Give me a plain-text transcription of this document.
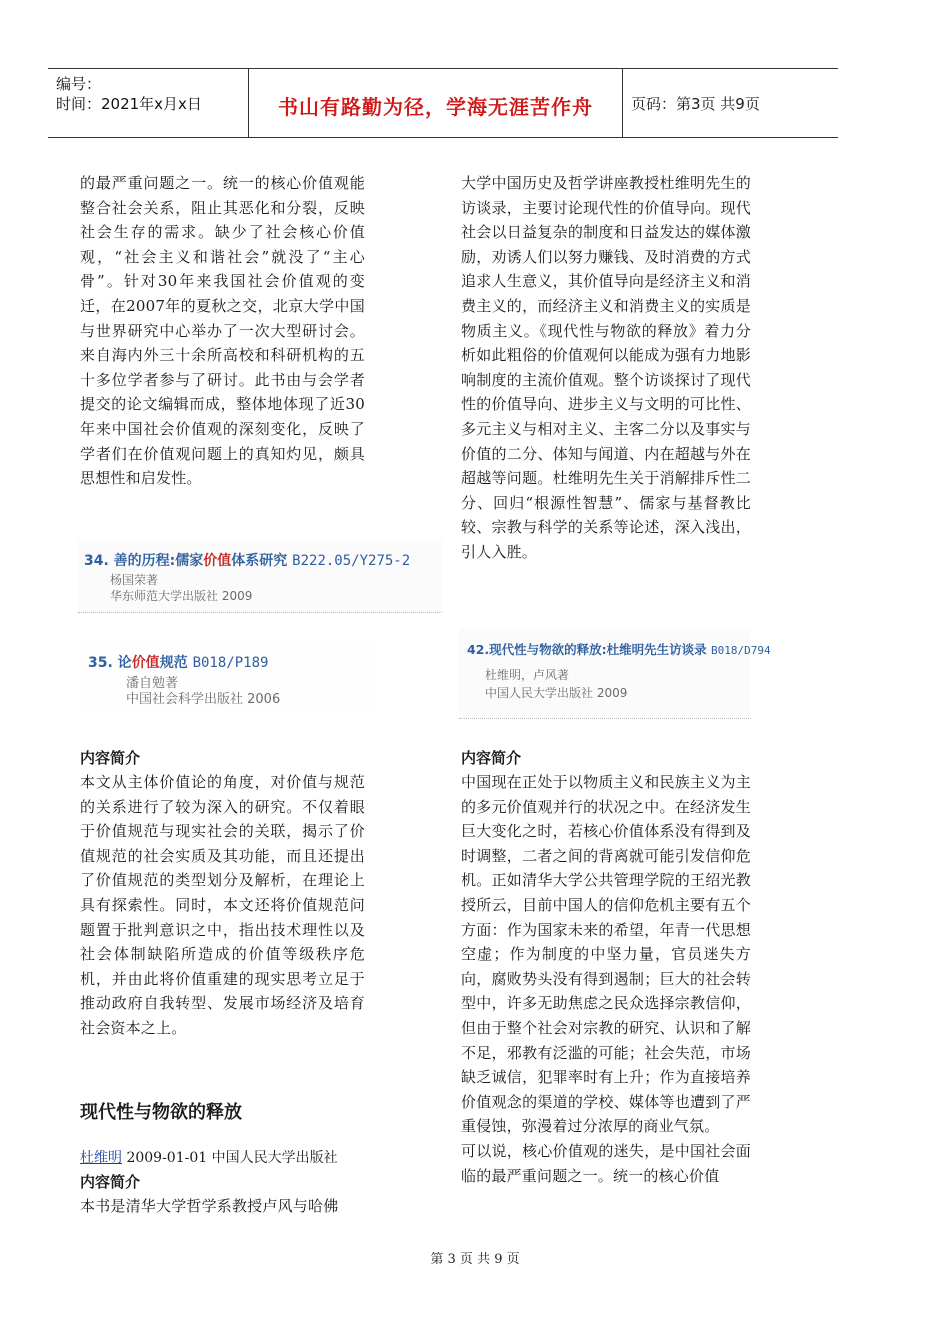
编号：
时间：2021年x月x日	书山有路勤为径，学海无涯苦作舟	页码：第3页 共9页

的最严重问题之一。统一的核心价值观能整合社会关系，阻止其恶化和分裂，反映社会生存的需求。缺少了社会核心价值观，“社会主义和谐社会”就没了“主心骨”。针对30年来我国社会价值观的变迁，在2007年的夏秋之交，北京大学中国与世界研究中心举办了一次大型研讨会。来自海内外三十余所高校和科研机构的五十多位学者参与了研讨。此书由与会学者提交的论文编辑而成，整体地体现了近30年来中国社会价值观的深刻变化，反映了学者们在价值观问题上的真知灼见，颇具思想性和启发性。

34. 善的历程:儒家价值体系研究 B222.05/Y275-2
杨国荣著
华东师范大学出版社 2009
35. 论价值规范 B018/P189
潘自勉著
中国社会科学出版社 2006

内容简介

本文从主体价值论的角度，对价值与规范的关系进行了较为深入的研究。不仅着眼于价值规范与现实社会的关联，揭示了价值规范的社会实质及其功能，而且还提出了价值规范的类型划分及解析，在理论上具有探索性。同时，本文还将价值规范问题置于批判意识之中，指出技术理性以及社会体制缺陷所造成的价值等级秩序危机，并由此将价值重建的现实思考立足于推动政府自我转型、发展市场经济及培育社会资本之上。

现代性与物欲的释放

杜维明 2009-01-01 中国人民大学出版社

内容简介

本书是清华大学哲学系教授卢风与哈佛

大学中国历史及哲学讲座教授杜维明先生的访谈录，主要讨论现代性的价值导向。现代社会以日益复杂的制度和日益发达的媒体激励，劝诱人们以努力赚钱、及时消费的方式追求人生意义，其价值导向是经济主义和消费主义的，而经济主义和消费主义的实质是物质主义。《现代性与物欲的释放》着力分析如此粗俗的价值观何以能成为强有力地影响制度的主流价值观。整个访谈探讨了现代性的价值导向、进步主义与文明的可比性、多元主义与相对主义、主客二分以及事实与价值的二分、体知与闻道、内在超越与外在超越等问题。杜维明先生关于消解排斥性二分、回归“根源性智慧”、儒家与基督教比较、宗教与科学的关系等论述，深入浅出，引人入胜。

42.现代性与物欲的释放:杜维明先生访谈录 B018/D794
杜维明，卢风著
中国人民大学出版社 2009

内容简介

中国现在正处于以物质主义和民族主义为主的多元价值观并行的状况之中。在经济发生巨大变化之时，若核心价值体系没有得到及时调整，二者之间的背离就可能引发信仰危机。正如清华大学公共管理学院的王绍光教授所云，目前中国人的信仰危机主要有五个方面：作为国家未来的希望，年青一代思想空虚；作为制度的中坚力量，官员迷失方向，腐败势头没有得到遏制；巨大的社会转型中，许多无助焦虑之民众选择宗教信仰，但由于整个社会对宗教的研究、认识和了解不足，邪教有泛滥的可能；社会失范，市场缺乏诚信，犯罪率时有上升；作为直接培养价值观念的渠道的学校、媒体等也遭到了严重侵蚀，弥漫着过分浓厚的商业气氛。

可以说，核心价值观的迷失，是中国社会面临的最严重问题之一。统一的核心价值

第 3 页 共 9 页
